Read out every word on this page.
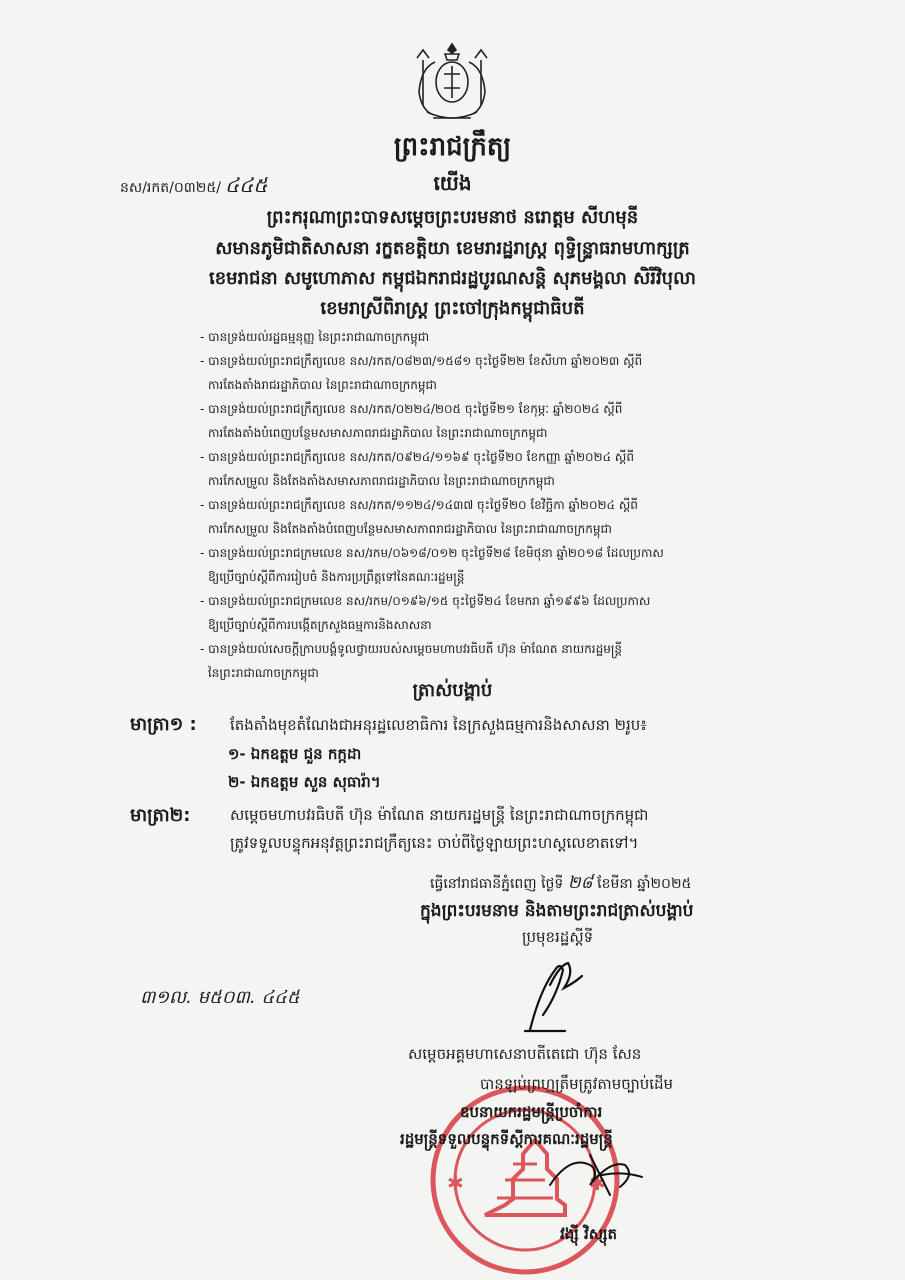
ព្រះរាជក្រឹត្យ
នស/រកត/០៣២៥/ ៤៤៥	យើង
ព្រះករុណាព្រះបាទសម្តេចព្រះបរមនាថ នរោត្តម សីហមុនី
សមានភូមិជាតិសាសនា រក្ខតខត្តិយា ខេមរារដ្ឋរាស្ត្រ ពុទ្ធិន្ទ្រាធរាមហាក្សត្រ
ខេមរាជនា សមូហោភាស កម្ពុជឯករាជរដ្ឋបូរណសន្តិ សុភមង្គលា សិរីវិបុលា
ខេមរាស្រីពិរាស្ត្រ ព្រះចៅក្រុងកម្ពុជាធិបតី
- បានទ្រង់យល់រដ្ឋធម្មនុញ្ញ នៃព្រះរាជាណាចក្រកម្ពុជា
- បានទ្រង់យល់ព្រះរាជក្រឹត្យលេខ នស/រកត/០៨២៣/១៥៨១ ចុះថ្ងៃទី២២ ខែសីហា ឆ្នាំ២០២៣ ស្តីពី
ការតែងតាំងរាជរដ្ឋាភិបាល នៃព្រះរាជាណាចក្រកម្ពុជា
- បានទ្រង់យល់ព្រះរាជក្រឹត្យលេខ នស/រកត/០២២៤/២០៥ ចុះថ្ងៃទី២១ ខែកុម្ភៈ ឆ្នាំ២០២៤ ស្តីពី
ការតែងតាំងបំពេញបន្ថែមសមាសភាពរាជរដ្ឋាភិបាល នៃព្រះរាជាណាចក្រកម្ពុជា
- បានទ្រង់យល់ព្រះរាជក្រឹត្យលេខ នស/រកត/០៩២៤/១១៦៩ ចុះថ្ងៃទី២០ ខែកញ្ញា ឆ្នាំ២០២៤ ស្តីពី
ការកែសម្រួល និងតែងតាំងសមាសភាពរាជរដ្ឋាភិបាល នៃព្រះរាជាណាចក្រកម្ពុជា
- បានទ្រង់យល់ព្រះរាជក្រឹត្យលេខ នស/រកត/១១២៤/១៤៣៧ ចុះថ្ងៃទី២០ ខែវិច្ឆិកា ឆ្នាំ២០២៤ ស្តីពី
ការកែសម្រួល និងតែងតាំងបំពេញបន្ថែមសមាសភាពរាជរដ្ឋាភិបាល នៃព្រះរាជាណាចក្រកម្ពុជា
- បានទ្រង់យល់ព្រះរាជក្រមលេខ នស/រកម/០៦១៨/០១២ ចុះថ្ងៃទី២៨ ខែមិថុនា ឆ្នាំ២០១៨ ដែលប្រកាស
ឱ្យប្រើច្បាប់ស្តីពីការរៀបចំ និងការប្រព្រឹត្តទៅនៃគណៈរដ្ឋមន្ត្រី
- បានទ្រង់យល់ព្រះរាជក្រមលេខ នស/រកម/០១៩៦/១៥ ចុះថ្ងៃទី២៤ ខែមករា ឆ្នាំ១៩៩៦ ដែលប្រកាស
ឱ្យប្រើច្បាប់ស្តីពីការបង្កើតក្រសួងធម្មការនិងសាសនា
- បានទ្រង់យល់សេចក្តីក្រាបបង្គំទូលថ្វាយរបស់សម្តេចមហាបវរធិបតី ហ៊ុន ម៉ាណែត នាយករដ្ឋមន្ត្រី
នៃព្រះរាជាណាចក្រកម្ពុជា
ត្រាស់បង្គាប់
មាត្រា១ : តែងតាំងមុខតំណែងជាអនុរដ្ឋលេខាធិការ នៃក្រសួងធម្មការនិងសាសនា ២រូប៖
១- ឯកឧត្តម ជួន កក្កដា
២- ឯកឧត្តម សួន សុធារ៉ា។
មាត្រា២:	សម្តេចមហាបវរធិបតី ហ៊ុន ម៉ាណែត នាយករដ្ឋមន្ត្រី នៃព្រះរាជាណាចក្រកម្ពុជា
ត្រូវទទួលបន្ទុកអនុវត្តព្រះរាជក្រឹត្យនេះ ចាប់ពីថ្ងៃឡាយព្រះហស្តលេខាតទៅ។
ធ្វើនៅរាជធានីភ្នំពេញ ថ្ងៃទី ២៨ ខែមីនា ឆ្នាំ២០២៥
ក្នុងព្រះបរមនាម និងតាមព្រះរាជត្រាស់បង្គាប់
ប្រមុខរដ្ឋស្តីទី
៣១ល. ម៥០៣. ៤៤៥
✱	✱
សម្តេចអគ្គមហាសេនាបតីតេជោ ហ៊ុន សែន
បានឡប់ព្រហ្មត្រឹមត្រូវតាមច្បាប់ដើម
ឧបនាយករដ្ឋមន្ត្រីប្រចាំការ
រដ្ឋមន្ត្រីទទួលបន្ទុកទីស្តីការគណៈរដ្ឋមន្ត្រី
វង្ស៊ី វិស្សុត
